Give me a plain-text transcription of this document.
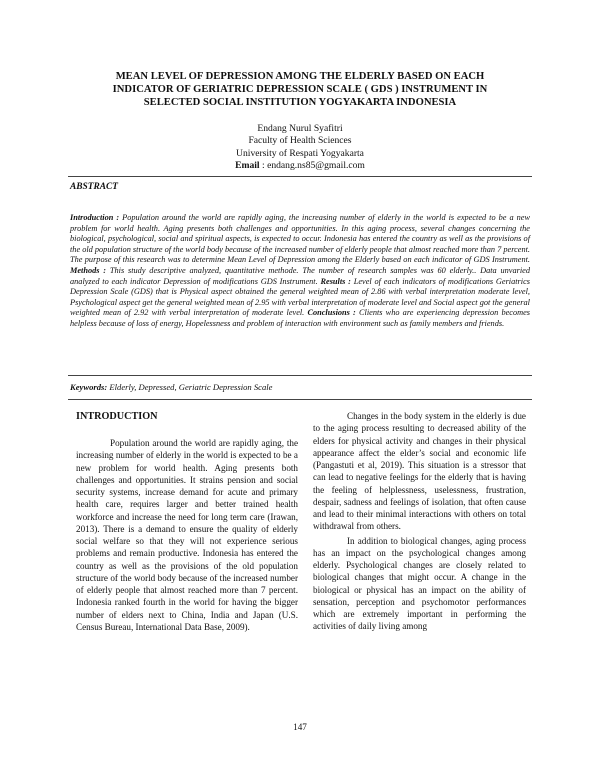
MEAN LEVEL OF DEPRESSION AMONG THE ELDERLY BASED ON EACH
INDICATOR OF GERIATRIC DEPRESSION SCALE ( GDS ) INSTRUMENT IN
SELECTED SOCIAL INSTITUTION YOGYAKARTA INDONESIA
Endang Nurul Syafitri
Faculty of Health Sciences
University of Respati Yogyakarta
Email : endang.ns85@gmail.com
ABSTRACT
Introduction : Population around the world are rapidly aging, the increasing number of elderly in the world is expected to be a new problem for world health. Aging presents both challenges and opportunities. In this aging process, several changes concerning the biological, psychological, social and spiritual aspects, is expected to occur. Indonesia has entered the country as well as the provisions of the old population structure of the world body because of the increased number of elderly people that almost reached more than 7 percent. The purpose of this research was to determine Mean Level of Depression among the Elderly based on each indicator of GDS Instrument. Methods : This study descriptive analyzed, quantitative methode. The number of research samples was 60 elderly.. Data unvaried analyzed to each indicator Depression of modifications GDS Instrument. Results : Level of each indicators of modifications Geriatrics Depression Scale (GDS) that is Physical aspect obtained the general weighted mean of 2.86 with verbal interpretation moderate level, Psychological aspect get the general weighted mean of 2.95 with verbal interpretation of moderate level and Social aspect got the general weighted mean of 2.92 with verbal interpretation of moderate level. Conclusions : Clients who are experiencing depression becomes helpless because of loss of energy, Hopelessness and problem of interaction with environment such as family members and friends.
Keywords: Elderly, Depressed, Geriatric Depression Scale
INTRODUCTION

Population around the world are rapidly aging, the increasing number of elderly in the world is expected to be a new problem for world health. Aging presents both challenges and opportunities. It strains pension and social security systems, increase demand for acute and primary health care, requires larger and better trained health workforce and increase the need for long term care (Irawan, 2013). There is a demand to ensure the quality of elderly social welfare so that they will not experience serious problems and remain productive. Indonesia has entered the country as well as the provisions of the old population structure of the world body because of the increased number of elderly people that almost reached more than 7 percent. Indonesia ranked fourth in the world for having the bigger number of elders next to China, India and Japan (U.S. Census Bureau, International Data Base, 2009).

Changes in the body system in the elderly is due to the aging process resulting to decreased ability of the elders for physical activity and changes in their physical appearance affect the elder’s social and economic life (Pangastuti et al, 2019). This situation is a stressor that can lead to negative feelings for the elderly that is having the feeling of helplessness, uselessness, frustration, despair, sadness and feelings of isolation, that often cause and lead to their minimal interactions with others on total withdrawal from others.

In addition to biological changes, aging process has an impact on the psychological changes among elderly. Psychological changes are closely related to biological changes that might occur. A change in the biological or physical has an impact on the ability of sensation, perception and psychomotor performances which are extremely important in performing the activities of daily living among

147
